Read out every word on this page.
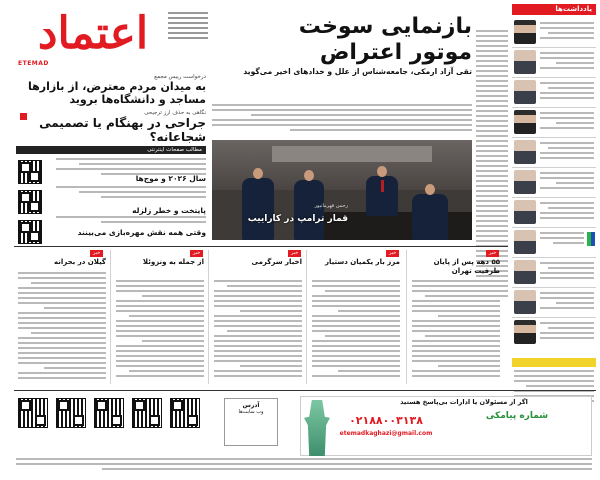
اعتماد
ETEMAD
درخواست رییس مجمع
به میدان مردم معترض، از بازارها مساجد و دانشگاه‌ها بروید
نگاهی به حذف ارز ترجیحی
جراحی در بهنگام یا تصمیمی شجاعانه؟
مطالب صفحات اینترنتی
سال ۲۰۲۶ و موج‌ها
پایتخت و خطر زلزله
وقتی همه نقش مهره‌بازی می‌بینند
بازنمایی سوخت
موتور اعتراض
تقی آزاد ارمکی، جامعه‌شناس از علل و خدادهای اخیر می‌گوید
رحمن قهرمانپور
قمار ترامپ در کاراییب
یادداشت‌ها
خبر
۵۵ دهه پس از پایان طرفیت تهران
خبر
مرز بار یکمیان دستیار
خبر
اخبار سرگرمی
خبر
از جمله به ونزوئلا
خبر
گیلان در بحرانه
آدرس
وب سایت‌ها
اگر از مسئولان یا ادارات بی‌پاسخ هستید
۰۲۱۸۸۰۰۳۱۳۸	شماره پیامکی
etemadkaghazi@gmail.com
